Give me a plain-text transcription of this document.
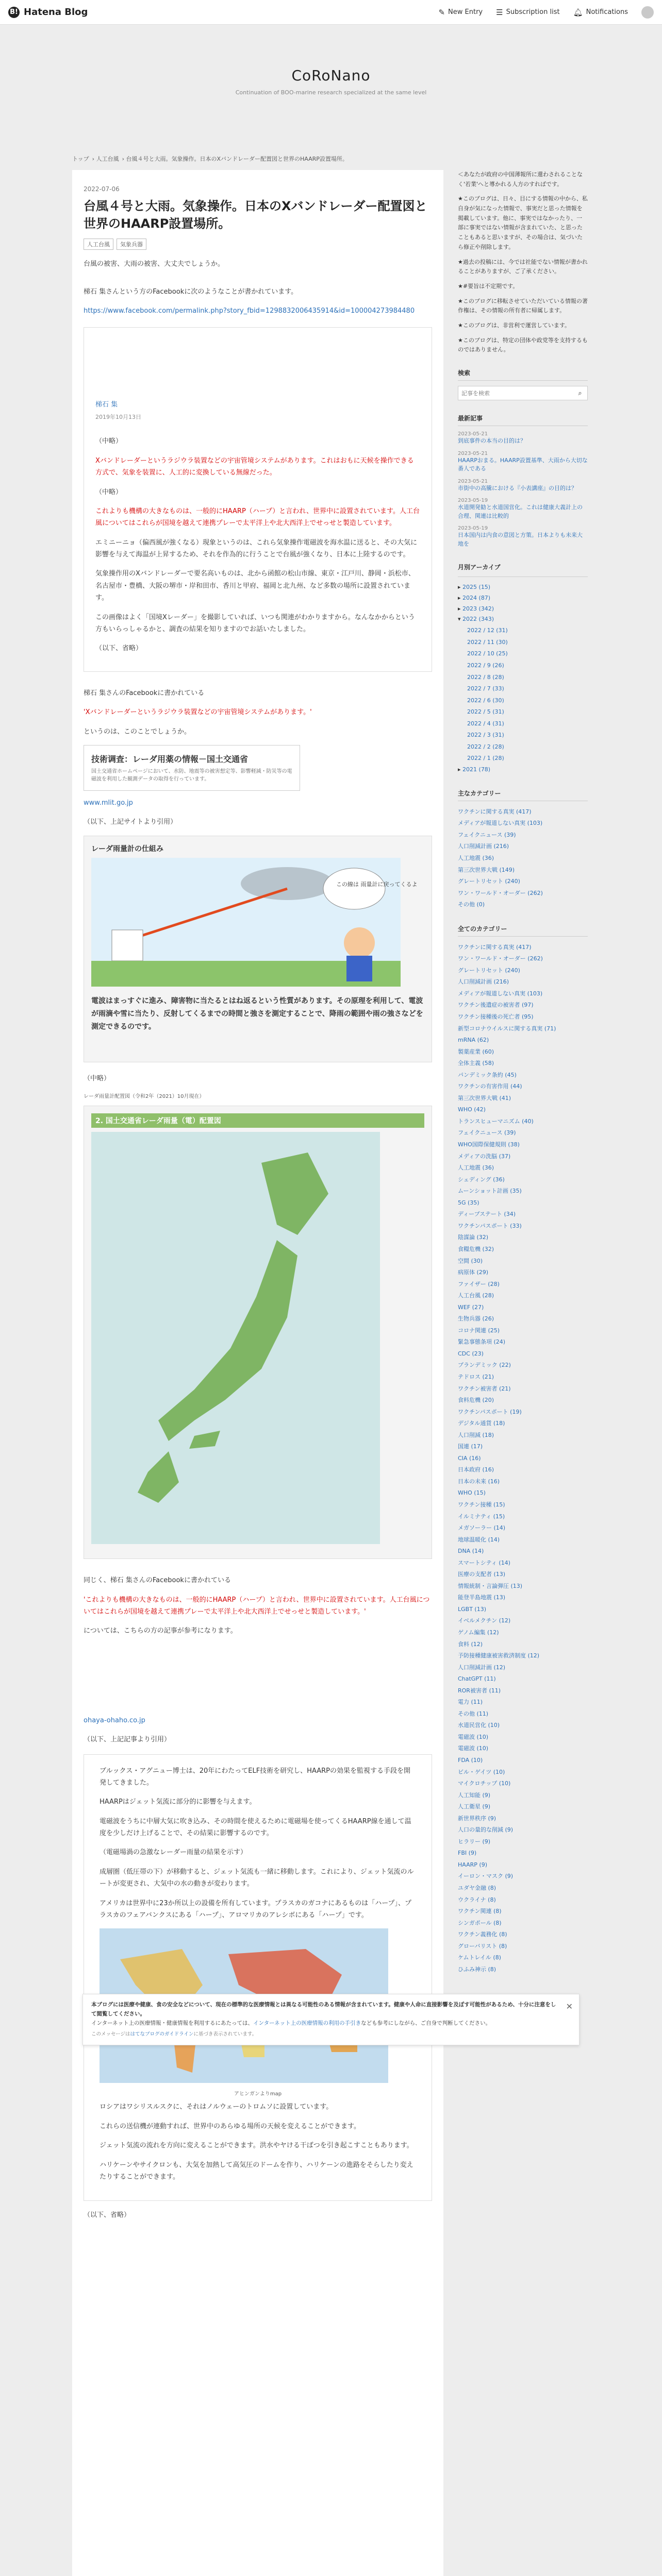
B! Hatena Blog	✎ New Entry ☰ Subscription list 🔔︎ Notifications
CoRoNano
Continuation of BOO-marine research specialized at the same level
トップ › 人工台風 › 台風４号と大雨。気象操作。日本のXバンドレーダー配置図と世界のHAARP設置場所。
2022-07-06
台風４号と大雨。気象操作。日本のXバンドレーダー配置図と世界のHAARP設置場所。
人工台風	気象兵器

台風の被害、大雨の被害、大丈夫でしょうか。

梯石 集さんという方のFacebookに次のようなことが書かれています。

https://www.facebook.com/permalink.php?story_fbid=1298832006435914&id=100004273984480

梯石 集
2019年10月13日

（中略）

Xバンドレーダーというラジウラ装置などの宇宙管境システムがあります。これはおもに天候を操作できる方式で、気象を装置に、人工的に変換している無線だった。

（中略）

これよりも機構の大きなものは、一般的にHAARP（ハープ）と言われ、世界中に設置されています。人工台風についてはこれらが国境を越えて連携プレーで太平洋上や北大西洋上でせっせと製造しています。

エミニーニョ（偏西風が強くなる）現象というのは、これら気象操作電磁波を海水温に送ると、その大気に影響を与えて海温が上昇するため、それを作為的に行うことで台風が強くなり、日本に上陸するのです。

気象操作用のXバンドレーダーで要名高いものは、北から函館の松山市線、東京・江戸川、静岡・浜松市、名古屋市・豊橋、大阪の堺市・岸和田市、香川と甲府、福岡と北九州、など多数の場所に設置されています。

この画像はよく「国境Xレーダー」を撮影していれば、いつも関連がわかりますから。なんなかからという方もいらっしゃるかと、調査の結果を知りますのでお話いたしました。

（以下、省略）

梯石 集さんのFacebookに書かれている

'Xバンドレーダーというラジウラ装置などの宇宙管境システムがあります。'

というのは、このことでしょうか。

技術调査：レーダ用薬の情報－国土交通省
国土交通省ホームページにおいて、水防、地震等の被害想定等、影響軽減・防災等の電磁波を利用した観測データの取得を行っています。

www.mlit.go.jp

（以下、上記サイトより引用）

レーダ雨量計の仕組み
この線は 雨量計に戻ってくるよ

電波はまっすぐに進み、障害物に当たるとはね返るという性質があります。その原理を利用して、電波が雨滴や雪に当たり、反射してくるまでの時間と強さを測定することで、降雨の範囲や雨の強さなどを測定できるのです。

（中略）

レーダ雨量計配置図（令和2年（2021）10月現在）
2. 国土交通省レーダ雨量（電）配置図

同じく、梯石 集さんのFacebookに書かれている

'これよりも機構の大きなものは、一般的にHAARP（ハープ）と言われ、世界中に設置されています。人工台風についてはこれらが国境を越えて連携プレーで太平洋上や北大西洋上でせっせと製造しています。'

については、こちらの方の記事が参考になります。

ohaya-ohaho.co.jp

（以下、上記記事より引用）

ブルックス・アグニュー博士は、20年にわたってELF技術を研究し、HAARPの効果を監視する手段を開発してきました。

HAARPはジェット気流に部分的に影響を与えます。

電磁波をうちに中層大気に吹き込み、その時間を使えるために電磁場を使ってくるHAARP線を通して温度を少しだけ上げることで、その結果に影響するのです。

（電磁場渦の急激なレーダー雨量の結果を示す）

成層圏（低圧帯の下）が移動すると、ジェット気流も一緒に移動します。これにより、ジェット気流のルートが変更され、大気中の水の動きが変わります。

アメリカは世界中に23か所以上の設備を所有しています。プラスカのガコナにあるものは「ハープ」、プラスカのフェアバンクスにある「ハープ」、アロマリカのアレシボにある「ハープ」です。

アヒンガンよりmap

ロシアはワシリスルスクに、それはノルウェーのトロムソに設置しています。

これらの送信機が連動すれば、世界中のあらゆる場所の天候を変えることができます。

ジェット気流の流れを方向に変えることができます。洪水やヤける干ばつを引き起こすこともあります。

ハリケーンやサイクロンも、大気を加熱して高気圧のドームを作り、ハリケーンの進路をそらしたり変えたりすることができます。

（以下、省略）

＜あなたが政府の中国薄報所に還わされることなく'若業'へと導かれる人方のすればです。

★このブログは、日々、目にする情報の中から、私自身が気になった情報で、事実だと思った情報を掲載しています。他に、事実ではなかったり、一部に事実ではない情報が含まれていた、と思ったこともあると思いますが、その場合は、気づいたら修正や削除します。

★過去の投稿には、今では社能でない情報が書かれることがありますが、ご了承ください。

★#要旨は不定期です。

★このブログに移転させていただいている情報の著作権は、その情報の所有者に帰属します。

★このブログは、非営利で運営しています。

★このブログは、特定の団体や政党等を支持するものではありません。

検索
記事を検索
⌕
最新記事
2023-05-21
到底事件の本当の目的は？
2023-05-21
HAARPおまる。HAARP設置基準、大雨から大切な番人である
2023-05-21
市街中の高騰における『小表講座』の目的は？
2023-05-19
水道開発勧と水道国営化。これは健康大義計上の合理、関連は比較的
2023-05-19
日本国内は内食の意図と方策。日本よりも未来大地を
月別アーカイブ
▸ 2025 (15)
▸ 2024 (87)
▸ 2023 (342)
▾ 2022 (343)
2022 / 12 (31)
2022 / 11 (30)
2022 / 10 (25)
2022 / 9 (26)
2022 / 8 (28)
2022 / 7 (33)
2022 / 6 (30)
2022 / 5 (31)
2022 / 4 (31)
2022 / 3 (31)
2022 / 2 (28)
2022 / 1 (28)
▸ 2021 (78)
主なカテゴリー
ワクチンに関する真実 (417)
メディアが報道しない真実 (103)
フェイクニュース (39)
人口削減計画 (216)
人工地震 (36)
第三次世界大戦 (149)
グレートリセット (240)
ワン・ワールド・オーダー (262)
その他 (0)
全てのカテゴリー
ワクチンに関する真実 (417)
ワン・ワールド・オーダー (262)
グレートリセット (240)
人口削減計画 (216)
メディアが報道しない真実 (103)
ワクチン後遺症の被害者 (97)
ワクチン接種後の死亡者 (95)
新型コロナウイルスに関する真実 (71)
mRNA (62)
製薬産業 (60)
全体主義 (58)
パンデミック条約 (45)
ワクチンの有害作用 (44)
第三次世界大戦 (41)
WHO (42)
トランスヒューマニズム (40)
フェイクニュース (39)
WHO国際保健規則 (38)
メディアの洗脳 (37)
人工地震 (36)
シェディング (36)
ムーンショット計画 (35)
5G (35)
ディープステート (34)
ワクチンパスポート (33)
陰謀論 (32)
食糧危機 (32)
空間 (30)
病原体 (29)
ファイザー (28)
人工台風 (28)
WEF (27)
生物兵器 (26)
コロナ関連 (25)
緊急事態条項 (24)
CDC (23)
プランデミック (22)
テドロス (21)
ワクチン被害者 (21)
食料危機 (20)
ワクチンパスポート (19)
デジタル通貨 (18)
人口削減 (18)
国連 (17)
CIA (16)
日本政府 (16)
日本の未来 (16)
WHO (15)
ワクチン接種 (15)
イルミナティ (15)
メガソーラー (14)
地球温暖化 (14)
DNA (14)
スマートシティ (14)
医療の支配者 (13)
情報統制・言論弾圧 (13)
能登半島地震 (13)
LGBT (13)
イベルメクチン (12)
ゲノム編集 (12)
食料 (12)
予防接種健康被害救済制度 (12)
人口削減計画 (12)
ChatGPT (11)
ROR被害者 (11)
電力 (11)
その他 (11)
水道民営化 (10)
電磁波 (10)
電磁波 (10)
FDA (10)
ビル・ゲイツ (10)
マイクロチップ (10)
人工知能 (9)
人工衛星 (9)
新世界秩序 (9)
人口の量的な削減 (9)
ヒラリー (9)
FBI (9)
HAARP (9)
イーロン・マスク (9)
ユダヤ金融 (8)
ウクライナ (8)
ワクチン関連 (8)
シンガポール (8)
ワクチン義務化 (8)
グローバリスト (8)
ケムトレイル (8)
ひふみ神示 (8)
✕
本ブログには医療や健康、食の安全などについて、現在の標準的な医療情報とは異なる可能性のある情報が含まれています。健康や人命に直接影響を及ぼす可能性があるため、十分に注意をして閲覧してください。
インターネット上の医療情報・健康情報を利用するにあたっては、インターネット上の医療情報の利用の手引きなども参考にしながら、ご自身で判断してください。
このメッセージははてなブログのガイドラインに基づき表示されています。
